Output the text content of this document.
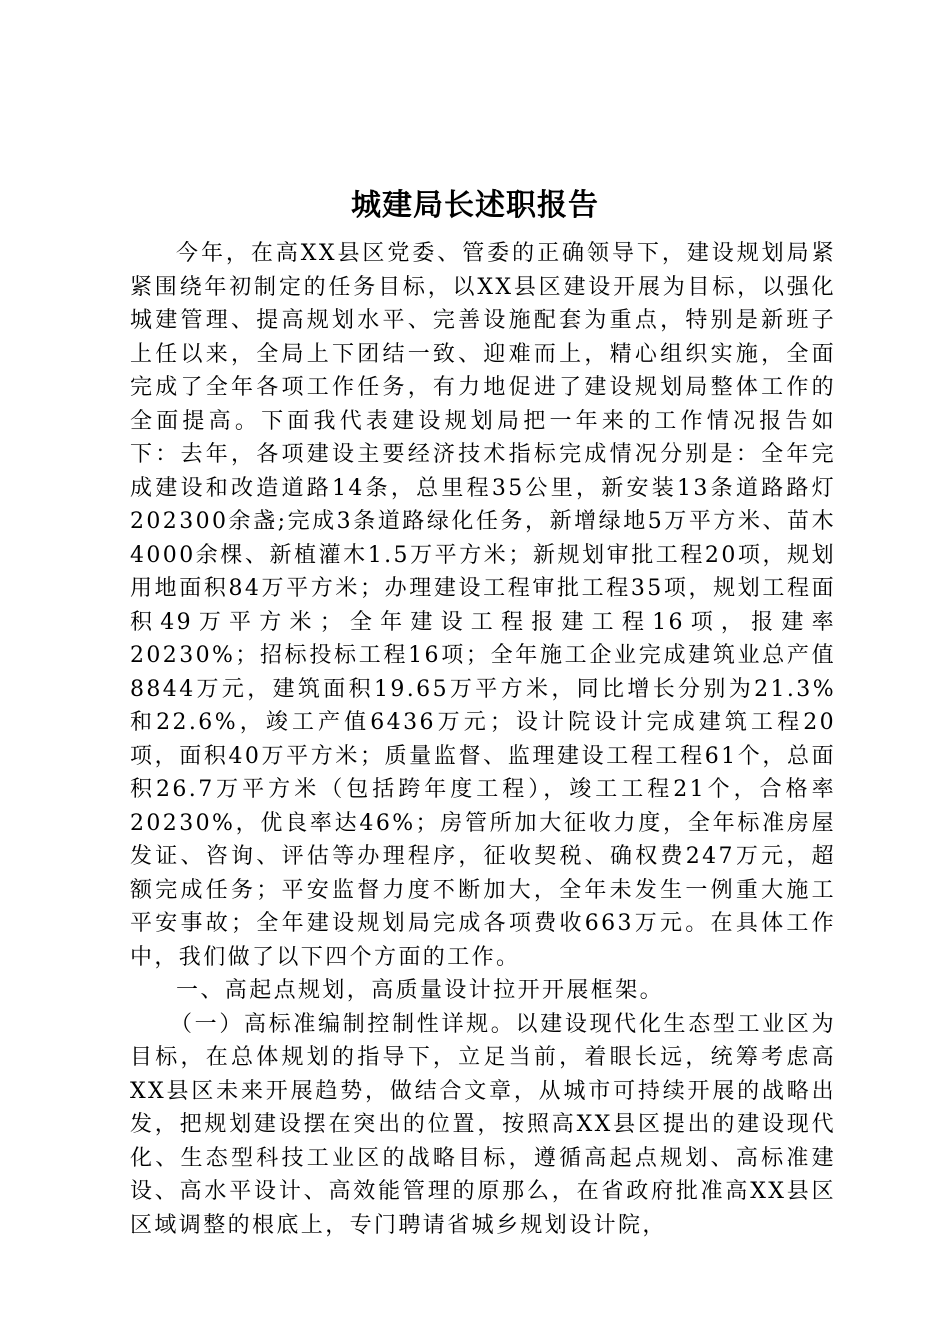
城建局长述职报告

今年，在高XX县区党委、管委的正确领导下，建设规划局紧紧围绕年初制定的任务目标，以XX县区建设开展为目标，以强化城建管理、提高规划水平、完善设施配套为重点，特别是新班子上任以来，全局上下团结一致、迎难而上，精心组织实施，全面完成了全年各项工作任务，有力地促进了建设规划局整体工作的全面提高。下面我代表建设规划局把一年来的工作情况报告如下：去年，各项建设主要经济技术指标完成情况分别是：全年完成建设和改造道路14条，总里程35公里，新安装13条道路路灯202300余盏;完成3条道路绿化任务，新增绿地5万平方米、苗木4000余棵、新植灌木1.5万平方米；新规划审批工程20项，规划用地面积84万平方米；办理建设工程审批工程35项，规划工程面积49万平方米；全年建设工程报建工程16项，报建率20230%；招标投标工程16项；全年施工企业完成建筑业总产值8844万元，建筑面积19.65万平方米，同比增长分别为21.3%和22.6%，竣工产值6436万元；设计院设计完成建筑工程20项，面积40万平方米；质量监督、监理建设工程工程61个，总面积26.7万平方米（包括跨年度工程），竣工工程21个，合格率20230%，优良率达46%；房管所加大征收力度，全年标准房屋发证、咨询、评估等办理程序，征收契税、确权费247万元，超额完成任务；平安监督力度不断加大，全年未发生一例重大施工平安事故；全年建设规划局完成各项费收663万元。在具体工作中，我们做了以下四个方面的工作。

一、高起点规划，高质量设计拉开开展框架。

（一）高标准编制控制性详规。以建设现代化生态型工业区为目标，在总体规划的指导下，立足当前，着眼长远，统筹考虑高XX县区未来开展趋势，做结合文章，从城市可持续开展的战略出发，把规划建设摆在突出的位置，按照高XX县区提出的建设现代化、生态型科技工业区的战略目标，遵循高起点规划、高标准建设、高水平设计、高效能管理的原那么，在省政府批准高XX县区区域调整的根底上，专门聘请省城乡规划设计院，
